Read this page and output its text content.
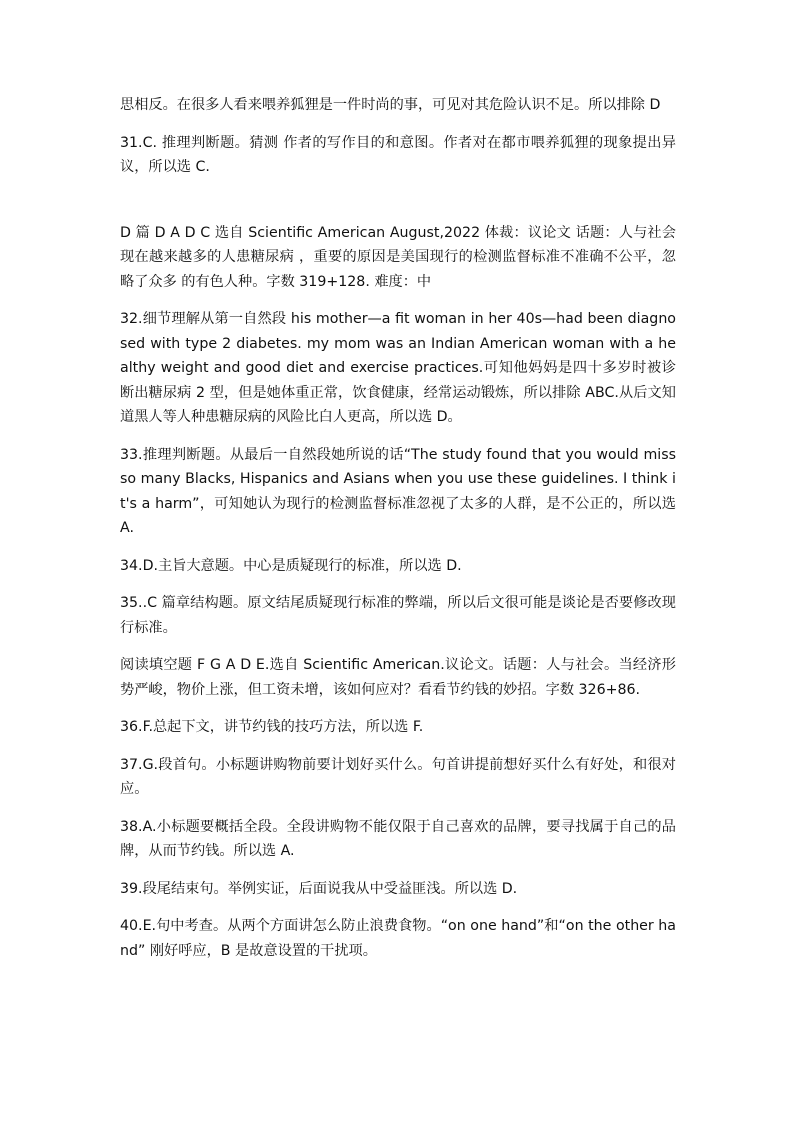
思相反。在很多人看来喂养狐狸是一件时尚的事，可见对其危险认识不足。所以排除 D

31.C. 推理判断题。猜测 作者的写作目的和意图。作者对在都市喂养狐狸的现象提出异议，所以选 C.

D 篇 D A D C 选自 Scientific American August,2022 体裁：议论文 话题：人与社会 现在越来越多的人患糖尿病 ，重要的原因是美国现行的检测监督标准不准确不公平，忽略了众多 的有色人种。字数 319+128. 难度：中

32.细节理解从第一自然段 his mother—a fit woman in her 40s—had been diagnosed with type 2 diabetes. my mom was an Indian American woman with a healthy weight and good diet and exercise practices.可知他妈妈是四十多岁时被诊断出糖尿病 2 型，但是她体重正常，饮食健康，经常运动锻炼，所以排除 ABC.从后文知道黑人等人种患糖尿病的风险比白人更高，所以选 D。

33.推理判断题。从最后一自然段她所说的话“The study found that you would miss so many Blacks, Hispanics and Asians when you use these guidelines. I think it's a harm”，可知她认为现行的检测监督标准忽视了太多的人群，是不公正的，所以选 A.

34.D.主旨大意题。中心是质疑现行的标准，所以选 D.

35..C 篇章结构题。原文结尾质疑现行标准的弊端，所以后文很可能是谈论是否要修改现行标准。

阅读填空题 F G A D E.选自 Scientific American.议论文。话题：人与社会。当经济形势严峻，物价上涨，但工资未增，该如何应对？看看节约钱的妙招。字数 326+86.

36.F.总起下文，讲节约钱的技巧方法，所以选 F.

37.G.段首句。小标题讲购物前要计划好买什么。句首讲提前想好买什么有好处，和很对应。

38.A.小标题要概括全段。全段讲购物不能仅限于自己喜欢的品牌，要寻找属于自己的品牌，从而节约钱。所以选 A.

39.段尾结束句。举例实证，后面说我从中受益匪浅。所以选 D.

40.E.句中考查。从两个方面讲怎么防止浪费食物。“on one hand”和“on the other hand” 刚好呼应，B 是故意设置的干扰项。
